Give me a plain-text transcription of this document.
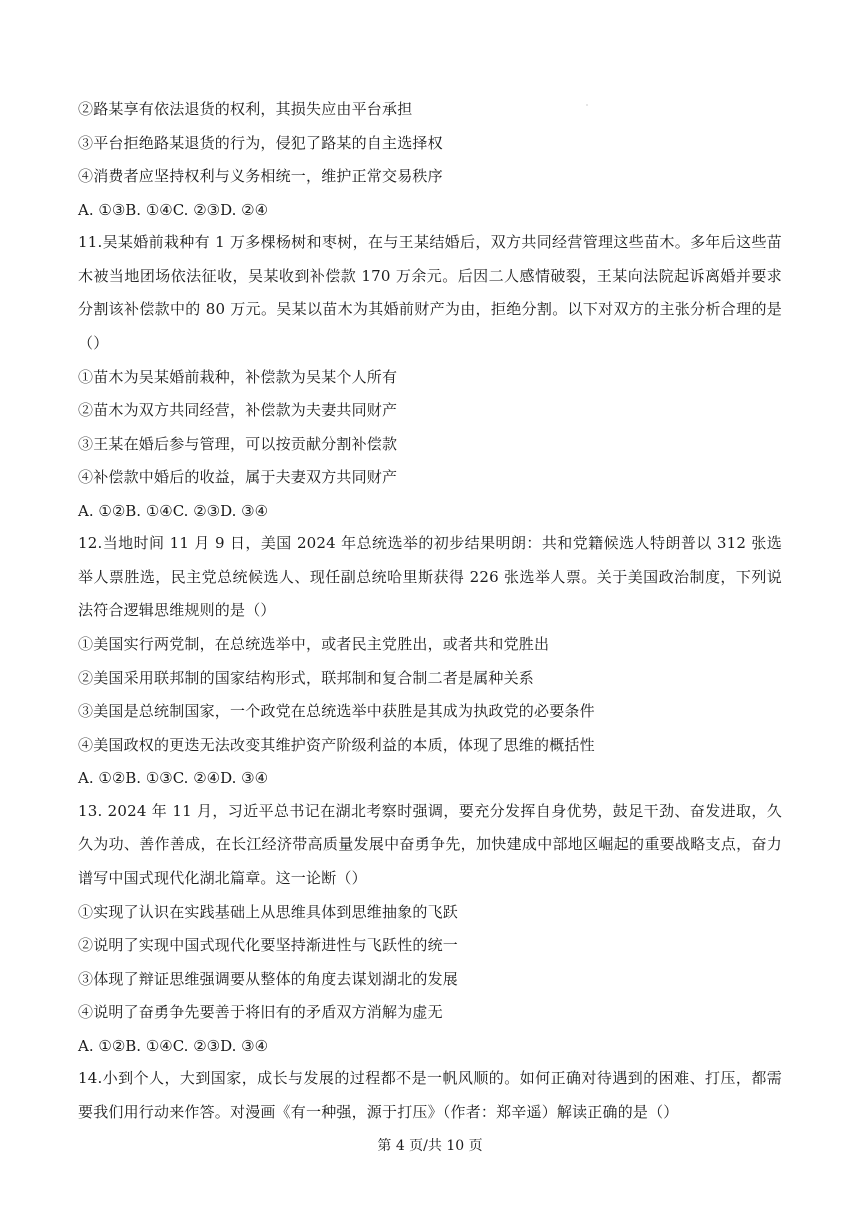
②路某享有依法退货的权利，其损失应由平台承担
③平台拒绝路某退货的行为，侵犯了路某的自主选择权
④消费者应坚持权利与义务相统一，维护正常交易秩序
A. ①③B. ①④C. ②③D. ②④
11.吴某婚前栽种有 1 万多棵杨树和枣树，在与王某结婚后，双方共同经营管理这些苗木。多年后这些苗木被当地团场依法征收，吴某收到补偿款 170 万余元。后因二人感情破裂，王某向法院起诉离婚并要求分割该补偿款中的 80 万元。吴某以苗木为其婚前财产为由，拒绝分割。以下对双方的主张分析合理的是（）
①苗木为吴某婚前栽种，补偿款为吴某个人所有
②苗木为双方共同经营，补偿款为夫妻共同财产
③王某在婚后参与管理，可以按贡献分割补偿款
④补偿款中婚后的收益，属于夫妻双方共同财产
A. ①②B. ①④C. ②③D. ③④
12.当地时间 11 月 9 日，美国 2024 年总统选举的初步结果明朗：共和党籍候选人特朗普以 312 张选举人票胜选，民主党总统候选人、现任副总统哈里斯获得 226 张选举人票。关于美国政治制度，下列说法符合逻辑思维规则的是（）
①美国实行两党制，在总统选举中，或者民主党胜出，或者共和党胜出
②美国采用联邦制的国家结构形式，联邦制和复合制二者是属种关系
③美国是总统制国家，一个政党在总统选举中获胜是其成为执政党的必要条件
④美国政权的更迭无法改变其维护资产阶级利益的本质，体现了思维的概括性
A. ①②B. ①③C. ②④D. ③④
13. 2024 年 11 月，习近平总书记在湖北考察时强调，要充分发挥自身优势，鼓足干劲、奋发进取，久久为功、善作善成，在长江经济带高质量发展中奋勇争先，加快建成中部地区崛起的重要战略支点，奋力谱写中国式现代化湖北篇章。这一论断（）
①实现了认识在实践基础上从思维具体到思维抽象的飞跃
②说明了实现中国式现代化要坚持渐进性与飞跃性的统一
③体现了辩证思维强调要从整体的角度去谋划湖北的发展
④说明了奋勇争先要善于将旧有的矛盾双方消解为虚无
A. ①②B. ①④C. ②③D. ③④
14.小到个人，大到国家，成长与发展的过程都不是一帆风顺的。如何正确对待遇到的困难、打压，都需要我们用行动来作答。对漫画《有一种强，源于打压》（作者：郑辛遥）解读正确的是（）
第 4 页/共 10 页
